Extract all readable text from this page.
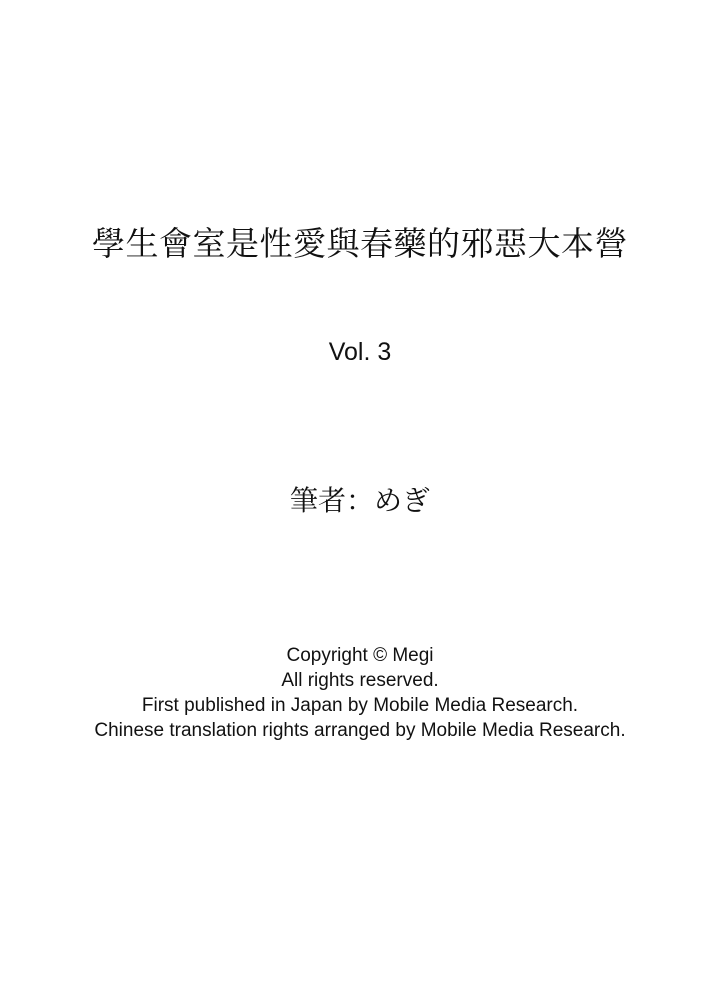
學生會室是性愛與春藥的邪惡大本營
Vol. 3
筆者：めぎ
Copyright © Megi
All rights reserved.
First published in Japan by Mobile Media Research.
Chinese translation rights arranged by Mobile Media Research.
